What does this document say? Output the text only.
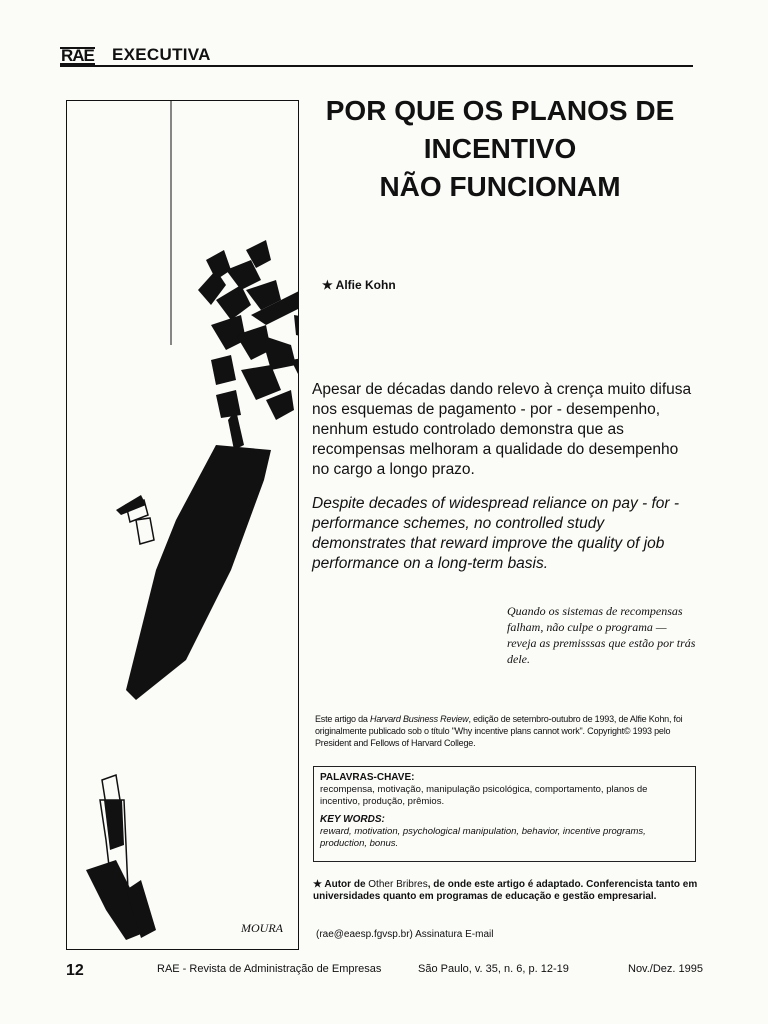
RAE EXECUTIVA
MOURA
POR QUE OS PLANOS DE
INCENTIVO
NÃO FUNCIONAM
★ Alfie Kohn
Apesar de décadas dando relevo à crença muito difusa nos esquemas de pagamento - por - desempenho, nenhum estudo controlado demonstra que as recompensas melhoram a qualidade do desempenho no cargo a longo prazo.
Despite decades of widespread reliance on pay - for - performance schemes, no controlled study demonstrates that reward improve the quality of job performance on a long-term basis.
Quando os sistemas de recompensas falham, não culpe o programa — reveja as premisssas que estão por trás dele.
Este artigo da Harvard Business Review, edição de setembro-outubro de 1993, de Alfie Kohn, foi originalmente publicado sob o título "Why incentive plans cannot work". Copyright© 1993 pelo President and Fellows of Harvard College.
PALAVRAS-CHAVE:
recompensa, motivação, manipulação psicológica, comportamento, planos de incentivo, produção, prêmios.
KEY WORDS:
reward, motivation, psychological manipulation, behavior, incentive programs, production, bonus.
★ Autor de Other Bribres, de onde este artigo é adaptado. Conferencista tanto em universidades quanto em programas de educação e gestão empresarial.
(rae@eaesp.fgvsp.br) Assinatura E-mail
12	RAE - Revista de Administração de Empresas	São Paulo, v. 35, n. 6, p. 12-19	Nov./Dez. 1995
